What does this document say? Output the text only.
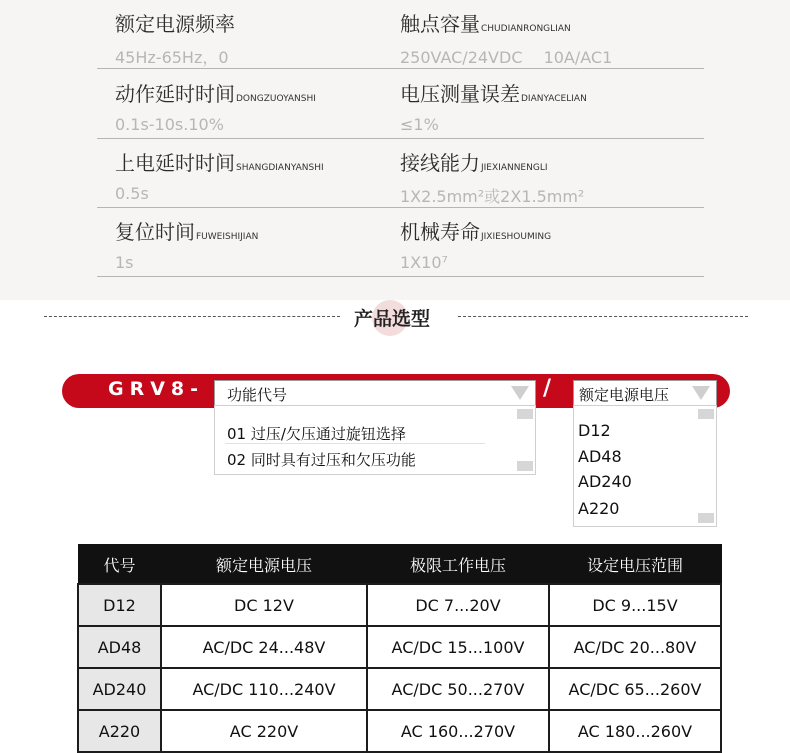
额定电源频率
45Hz-65Hz，0
触点容量CHUDIANRONGLIAN
250VAC/24VDC　 10A/AC1
动作延时时间DONGZUOYANSHI
0.1s-10s.10%
电压测量误差DIANYACELIAN
≤1%
上电延时时间SHANGDIANYANSHI
0.5s
接线能力JIEXIANNENGLI
1X2.5mm²或2X1.5mm²
复位时间FUWEISHIJIAN
1s
机械寿命JIXIESHOUMING
1X10⁷
产品选型
GRV8-	/
功能代号
01 过压/欠压通过旋钮选择
02 同时具有过压和欠压功能
额定电源电压
D12
AD48
AD240
A220
代号	额定电源电压	极限工作电压	设定电压范围
D12	DC 12V	DC 7...20V	DC 9...15V
AD48	AC/DC 24...48V	AC/DC 15...100V	AC/DC 20...80V
AD240	AC/DC 110...240V	AC/DC 50...270V	AC/DC 65...260V
A220	AC 220V	AC 160...270V	AC 180...260V
